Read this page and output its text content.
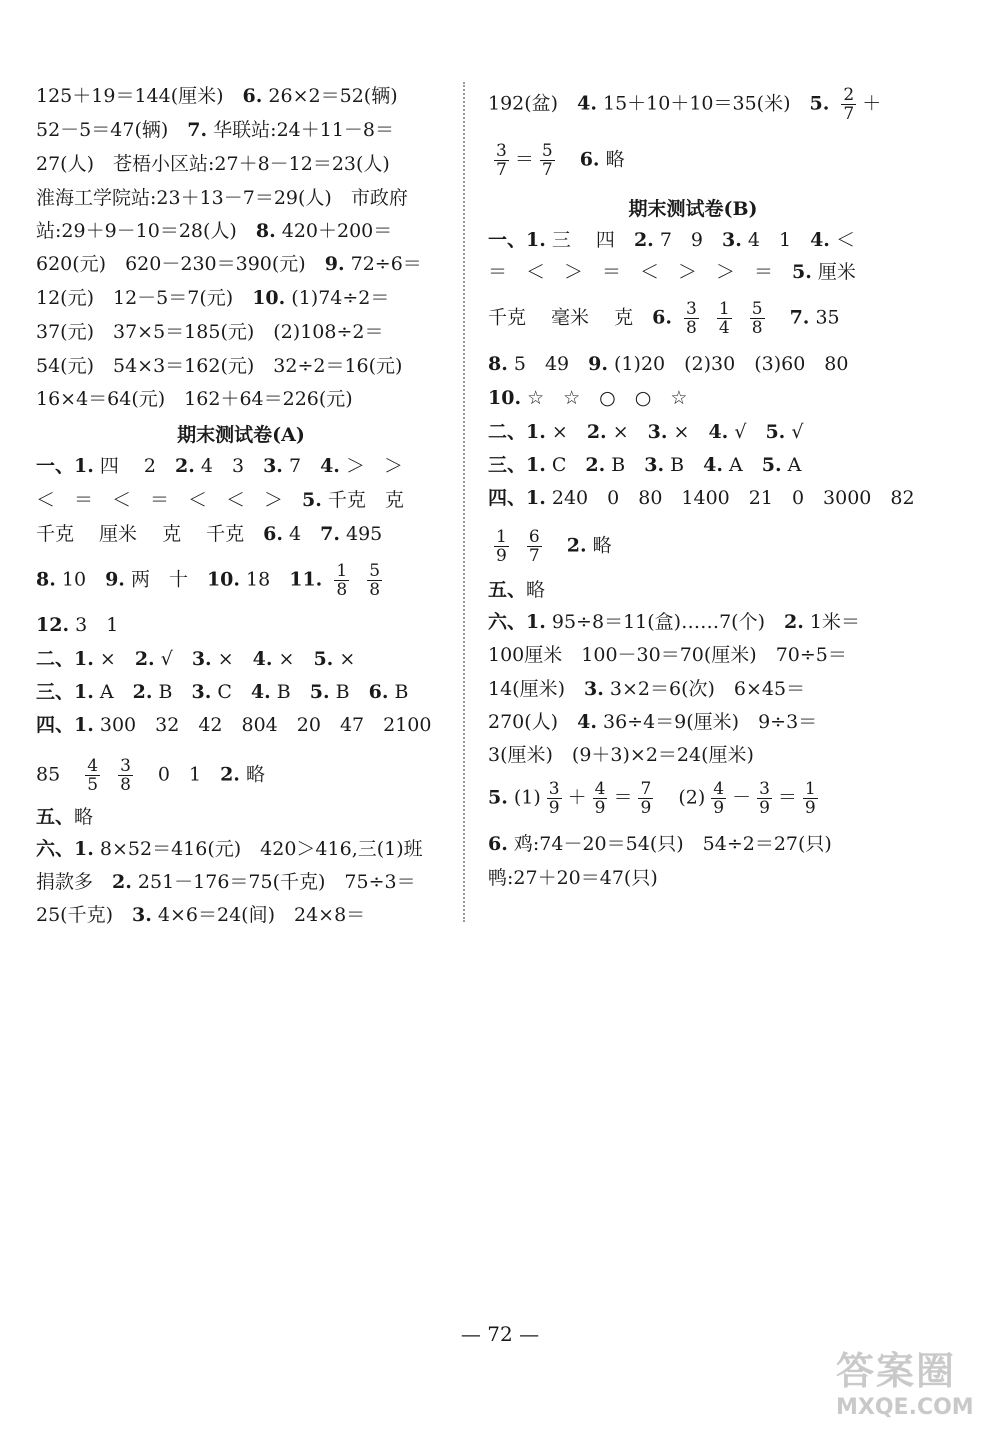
125＋19＝144(厘米)　6. 26×2＝52(辆)
52－5＝47(辆)　7. 华联站:24＋11－8＝
27(人)　苍梧小区站:27＋8－12＝23(人)
淮海工学院站:23＋13－7＝29(人)　市政府
站:29＋9－10＝28(人)　8. 420＋200＝
620(元)　620－230＝390(元)　9. 72÷6＝
12(元)　12－5＝7(元)　10. (1)74÷2＝
37(元)　37×5＝185(元)　(2)108÷2＝
54(元)　54×3＝162(元)　32÷2＝16(元)
16×4＝64(元)　162＋64＝226(元)
期末测试卷(A)
一、1. 四　 2　2. 4　3　3. 7　4. ＞　＞
＜　＝　＜　＝　＜　＜　＞　5. 千克　克
千克　 厘米　 克　 千克　6. 4　7. 495
8. 10　9. 两　十　10. 18　11. $\frac{1}{8}$
$\frac{5}{8}$
12. 3　1
二、1. ×　2. √　3. ×　4. ×　5. ×
三、1. A　2. B　3. C　4. B　5. B　6. B
四、1. 300　32　42　804　20　47　2100
85　 $\frac{4}{5}$
$\frac{3}{8}$ 　0　1　2. 略
五、略
六、1. 8×52＝416(元)　420＞416,三(1)班
捐款多　2. 251－176＝75(千克)　75÷3＝
25(千克)　3. 4×6＝24(间)　24×8＝
192(盆)　4. 15＋10＋10＝35(米)　5. $\frac{2}{7}$ ＋
$\frac{3}{7} = \frac{5}{7}$
　 6. 略
期末测试卷(B)
一、1. 三　 四　2. 7　9　3. 4　1　4. ＜
＝　＜　＞　＝　＜　＞　＞　＝　5. 厘米
千克　 毫米　 克　6. $\frac{3}{8}$
$\frac{1}{4}$
$\frac{5}{8}$
　 7. 35
8. 5　49　9. (1)20　(2)30　(3)60　80
10. ☆　☆　○　○　☆
二、1. ×　2. ×　3. ×　4. √　5. √
三、1. C　2. B　3. B　4. A　5. A
四、1. 240　0　80　1400　21　0　3000　82
$\frac{1}{9}$
$\frac{6}{7}$
　 2. 略
五、略
六、1. 95÷8＝11(盒)……7(个)　2. 1米＝
100厘米　100－30＝70(厘米)　70÷5＝
14(厘米)　3. 3×2＝6(次)　6×45＝
270(人)　4. 36÷4＝9(厘米)　9÷3＝
3(厘米)　(9＋3)×2＝24(厘米)
5. $(1) \frac{3}{9} + \frac{4}{9} = \frac{7}{9}$ 　$(2) \frac{4}{9} - \frac{3}{9} = \frac{1}{9}$
6. 鸡:74－20＝54(只)　54÷2＝27(只)
鸭:27＋20＝47(只)
— 72 —
答案圈
MXQE.COM
